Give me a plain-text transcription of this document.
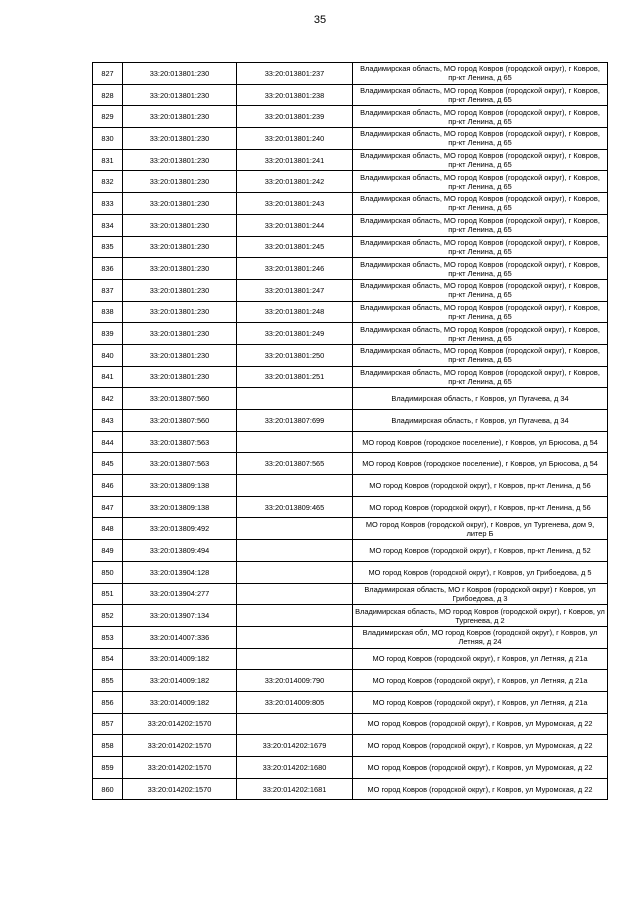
35
827	33:20:013801:230	33:20:013801:237	Владимирская область, МО город Ковров (городской округ), г Ковров, пр-кт Ленина, д 65
828	33:20:013801:230	33:20:013801:238	Владимирская область, МО город Ковров (городской округ), г Ковров, пр-кт Ленина, д 65
829	33:20:013801:230	33:20:013801:239	Владимирская область, МО город Ковров (городской округ), г Ковров, пр-кт Ленина, д 65
830	33:20:013801:230	33:20:013801:240	Владимирская область, МО город Ковров (городской округ), г Ковров, пр-кт Ленина, д 65
831	33:20:013801:230	33:20:013801:241	Владимирская область, МО город Ковров (городской округ), г Ковров, пр-кт Ленина, д 65
832	33:20:013801:230	33:20:013801:242	Владимирская область, МО город Ковров (городской округ), г Ковров, пр-кт Ленина, д 65
833	33:20:013801:230	33:20:013801:243	Владимирская область, МО город Ковров (городской округ), г Ковров, пр-кт Ленина, д 65
834	33:20:013801:230	33:20:013801:244	Владимирская область, МО город Ковров (городской округ), г Ковров, пр-кт Ленина, д 65
835	33:20:013801:230	33:20:013801:245	Владимирская область, МО город Ковров (городской округ), г Ковров, пр-кт Ленина, д 65
836	33:20:013801:230	33:20:013801:246	Владимирская область, МО город Ковров (городской округ), г Ковров, пр-кт Ленина, д 65
837	33:20:013801:230	33:20:013801:247	Владимирская область, МО город Ковров (городской округ), г Ковров, пр-кт Ленина, д 65
838	33:20:013801:230	33:20:013801:248	Владимирская область, МО город Ковров (городской округ), г Ковров, пр-кт Ленина, д 65
839	33:20:013801:230	33:20:013801:249	Владимирская область, МО город Ковров (городской округ), г Ковров, пр-кт Ленина, д 65
840	33:20:013801:230	33:20:013801:250	Владимирская область, МО город Ковров (городской округ), г Ковров, пр-кт Ленина, д 65
841	33:20:013801:230	33:20:013801:251	Владимирская область, МО город Ковров (городской округ), г Ковров, пр-кт Ленина, д 65
842	33:20:013807:560		Владимирская область, г Ковров, ул Пугачева, д 34
843	33:20:013807:560	33:20:013807:699	Владимирская область, г Ковров, ул Пугачева, д 34
844	33:20:013807:563		МО город Ковров (городское поселение), г Ковров, ул Брюсова, д 54
845	33:20:013807:563	33:20:013807:565	МО город Ковров (городское поселение), г Ковров, ул Брюсова, д 54
846	33:20:013809:138		МО город Ковров (городской округ), г Ковров, пр-кт Ленина, д 56
847	33:20:013809:138	33:20:013809:465	МО город Ковров (городской округ), г Ковров, пр-кт Ленина, д 56
848	33:20:013809:492		МО город Ковров (городской округ), г Ковров, ул Тургенева, дом 9, литер Б
849	33:20:013809:494		МО город Ковров (городской округ), г Ковров, пр-кт Ленина, д 52
850	33:20:013904:128		МО город Ковров (городской округ), г Ковров, ул Грибоедова, д 5
851	33:20:013904:277		Владимирская область, МО г Ковров (городской округ) г Ковров, ул Грибоедова, д 3
852	33:20:013907:134		Владимирская область, МО город Ковров (городской округ), г Ковров, ул Тургенева, д 2
853	33:20:014007:336		Владимирская обл, МО город Ковров (городской округ), г Ковров, ул Летняя, д 24
854	33:20:014009:182		МО город Ковров (городской округ), г Ковров, ул Летняя, д 21а
855	33:20:014009:182	33:20:014009:790	МО город Ковров (городской округ), г Ковров, ул Летняя, д 21а
856	33:20:014009:182	33:20:014009:805	МО город Ковров (городской округ), г Ковров, ул Летняя, д 21а
857	33:20:014202:1570		МО город Ковров (городской округ), г Ковров, ул Муромская, д 22
858	33:20:014202:1570	33:20:014202:1679	МО город Ковров (городской округ), г Ковров, ул Муромская, д 22
859	33:20:014202:1570	33:20:014202:1680	МО город Ковров (городской округ), г Ковров, ул Муромская, д 22
860	33:20:014202:1570	33:20:014202:1681	МО город Ковров (городской округ), г Ковров, ул Муромская, д 22
